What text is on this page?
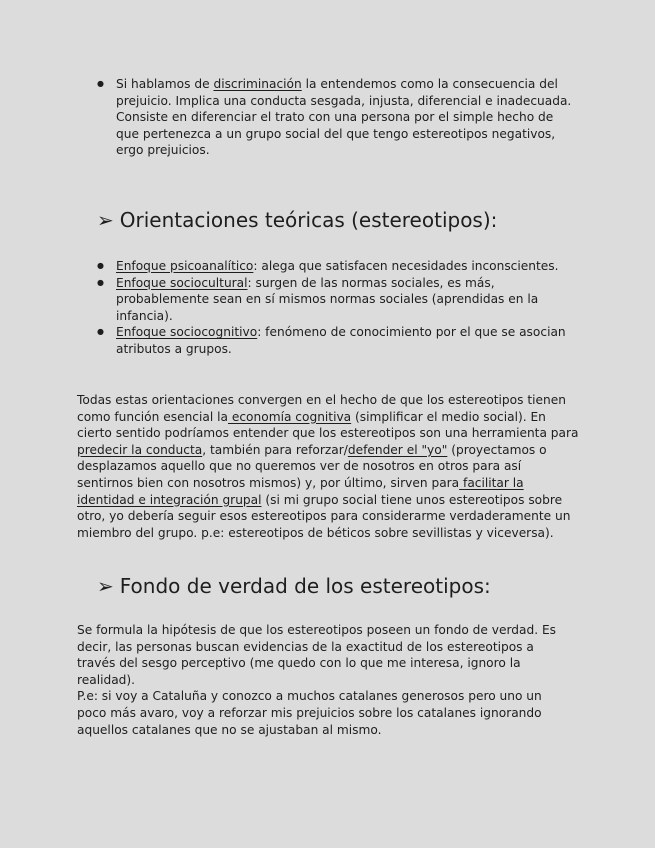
● Si hablamos de discriminación la entendemos como la consecuencia del prejuicio. Implica una conducta sesgada, injusta, diferencial e inadecuada.
Consiste en diferenciar el trato con una persona por el simple hecho de que pertenezca a un grupo social del que tengo estereotipos negativos, ergo prejuicios.
➢ Orientaciones teóricas (estereotipos):
● Enfoque psicoanalítico: alega que satisfacen necesidades inconscientes.
● Enfoque sociocultural: surgen de las normas sociales, es más, probablemente sean en sí mismos normas sociales (aprendidas en la infancia).
● Enfoque sociocognitivo: fenómeno de conocimiento por el que se asocian atributos a grupos.

Todas estas orientaciones convergen en el hecho de que los estereotipos tienen como función esencial la economía cognitiva (simplificar el medio social). En cierto sentido podríamos entender que los estereotipos son una herramienta para predecir la conducta, también para reforzar/defender el "yo" (proyectamos o desplazamos aquello que no queremos ver de nosotros en otros para así sentirnos bien con nosotros mismos) y, por último, sirven para facilitar la identidad e integración grupal (si mi grupo social tiene unos estereotipos sobre otro, yo debería seguir esos estereotipos para considerarme verdaderamente un miembro del grupo. p.e: estereotipos de béticos sobre sevillistas y viceversa).

➢ Fondo de verdad de los estereotipos:

Se formula la hipótesis de que los estereotipos poseen un fondo de verdad. Es decir, las personas buscan evidencias de la exactitud de los estereotipos a través del sesgo perceptivo (me quedo con lo que me interesa, ignoro la realidad).
P.e: si voy a Cataluña y conozco a muchos catalanes generosos pero uno un poco más avaro, voy a reforzar mis prejuicios sobre los catalanes ignorando aquellos catalanes que no se ajustaban al mismo.
